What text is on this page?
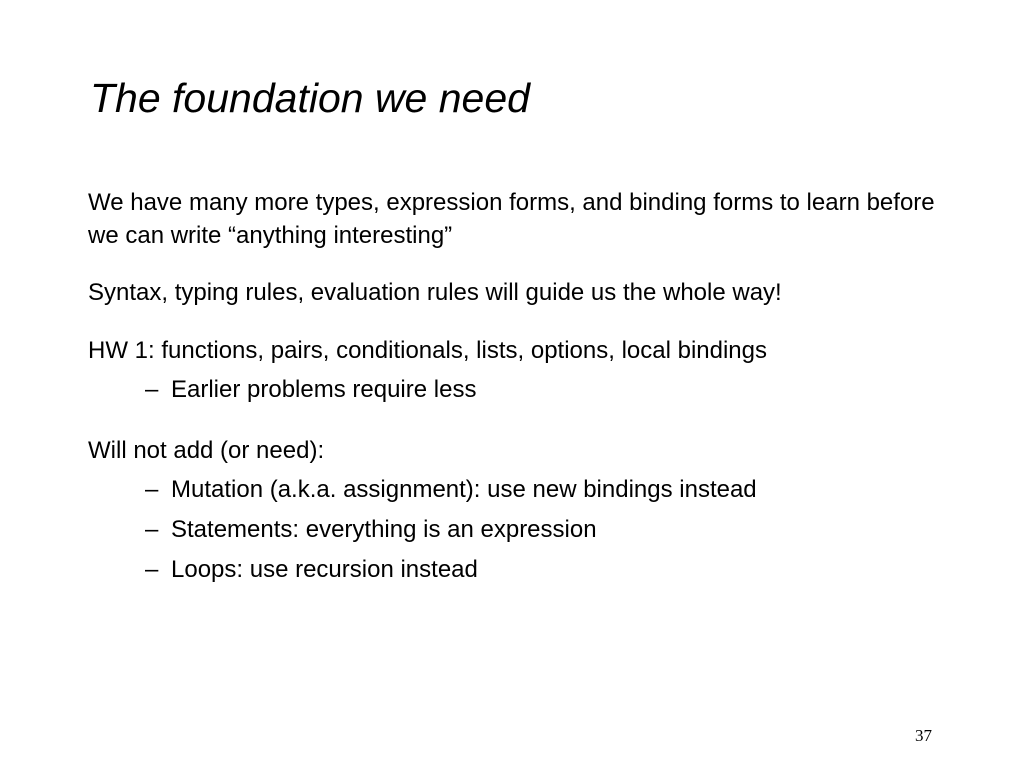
The foundation we need

We have many more types, expression forms, and binding forms to learn before we can write “anything interesting”

Syntax, typing rules, evaluation rules will guide us the whole way!

HW 1: functions, pairs, conditionals, lists, options, local bindings

– Earlier problems require less

Will not add (or need):

– Mutation (a.k.a. assignment): use new bindings instead
– Statements: everything is an expression
– Loops: use recursion instead
37
